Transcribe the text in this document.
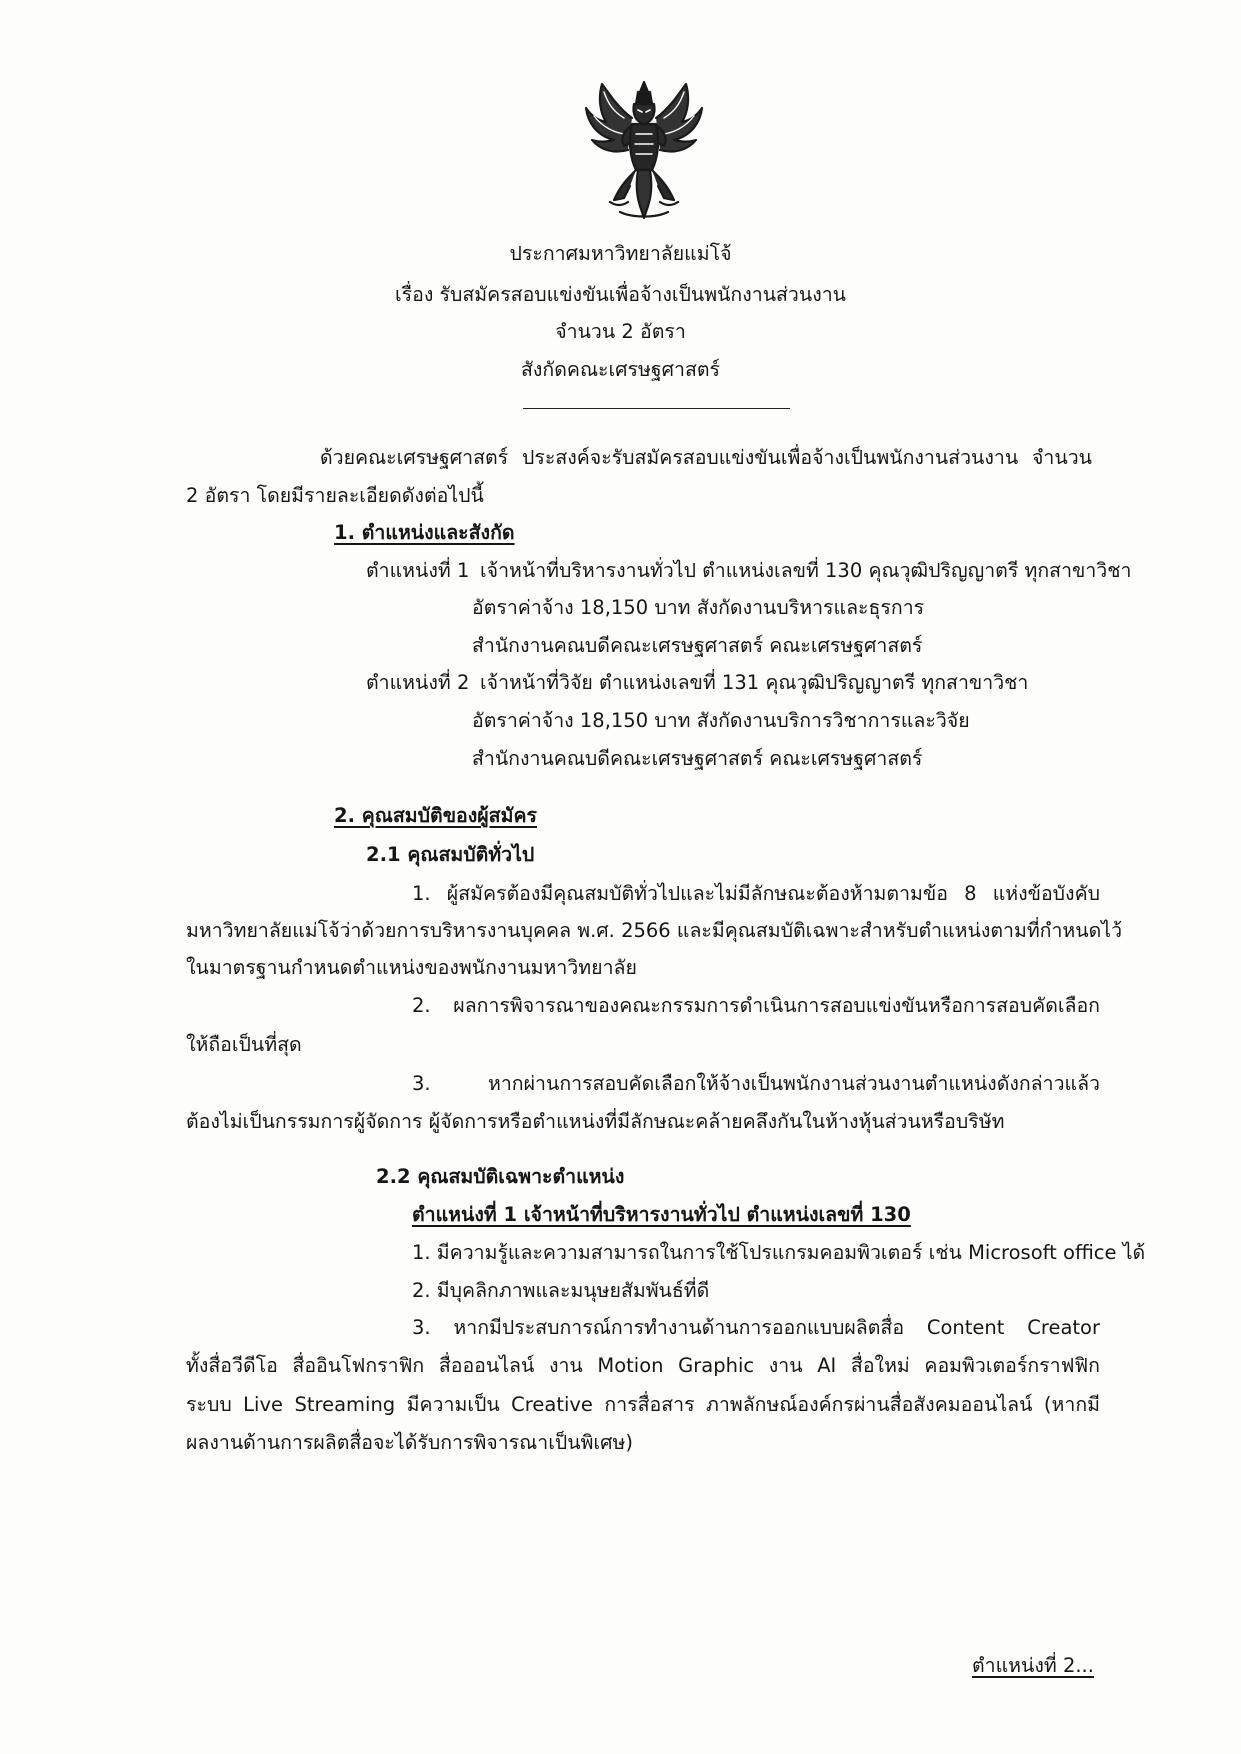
ประกาศมหาวิทยาลัยแม่โจ้
เรื่อง รับสมัครสอบแข่งขันเพื่อจ้างเป็นพนักงานส่วนงาน
จำนวน 2 อัตรา
สังกัดคณะเศรษฐศาสตร์
ด้วยคณะเศรษฐศาสตร์ ประสงค์จะรับสมัครสอบแข่งขันเพื่อจ้างเป็นพนักงานส่วนงาน จำนวน
2 อัตรา โดยมีรายละเอียดดังต่อไปนี้
1. ตำแหน่งและสังกัด
ตำแหน่งที่ 1 เจ้าหน้าที่บริหารงานทั่วไป ตำแหน่งเลขที่ 130 คุณวุฒิปริญญาตรี ทุกสาขาวิชา
อัตราค่าจ้าง 18,150 บาท สังกัดงานบริหารและธุรการ
สำนักงานคณบดีคณะเศรษฐศาสตร์ คณะเศรษฐศาสตร์
ตำแหน่งที่ 2 เจ้าหน้าที่วิจัย ตำแหน่งเลขที่ 131 คุณวุฒิปริญญาตรี ทุกสาขาวิชา
อัตราค่าจ้าง 18,150 บาท สังกัดงานบริการวิชาการและวิจัย
สำนักงานคณบดีคณะเศรษฐศาสตร์ คณะเศรษฐศาสตร์
2. คุณสมบัติของผู้สมัคร
2.1 คุณสมบัติทั่วไป
1. ผู้สมัครต้องมีคุณสมบัติทั่วไปและไม่มีลักษณะต้องห้ามตามข้อ 8 แห่งข้อบังคับ
มหาวิทยาลัยแม่โจ้ว่าด้วยการบริหารงานบุคคล พ.ศ. 2566 และมีคุณสมบัติเฉพาะสำหรับตำแหน่งตามที่กำหนดไว้
ในมาตรฐานกำหนดตำแหน่งของพนักงานมหาวิทยาลัย
2. ผลการพิจารณาของคณะกรรมการดำเนินการสอบแข่งขันหรือการสอบคัดเลือก
ให้ถือเป็นที่สุด
3. หากผ่านการสอบคัดเลือกให้จ้างเป็นพนักงานส่วนงานตำแหน่งดังกล่าวแล้ว
ต้องไม่เป็นกรรมการผู้จัดการ ผู้จัดการหรือตำแหน่งที่มีลักษณะคล้ายคลึงกันในห้างหุ้นส่วนหรือบริษัท
2.2 คุณสมบัติเฉพาะตำแหน่ง
ตำแหน่งที่ 1 เจ้าหน้าที่บริหารงานทั่วไป ตำแหน่งเลขที่ 130
1. มีความรู้และความสามารถในการใช้โปรแกรมคอมพิวเตอร์ เช่น Microsoft office ได้
2. มีบุคลิกภาพและมนุษยสัมพันธ์ที่ดี
3. หากมีประสบการณ์การทำงานด้านการออกแบบผลิตสื่อ Content Creator
ทั้งสื่อวีดีโอ สื่ออินโฟกราฟิก สื่อออนไลน์ งาน Motion Graphic งาน AI สื่อใหม่ คอมพิวเตอร์กราฟฟิก
ระบบ Live Streaming มีความเป็น Creative การสื่อสาร ภาพลักษณ์องค์กรผ่านสื่อสังคมออนไลน์ (หากมี
ผลงานด้านการผลิตสื่อจะได้รับการพิจารณาเป็นพิเศษ)
ตำแหน่งที่ 2...
